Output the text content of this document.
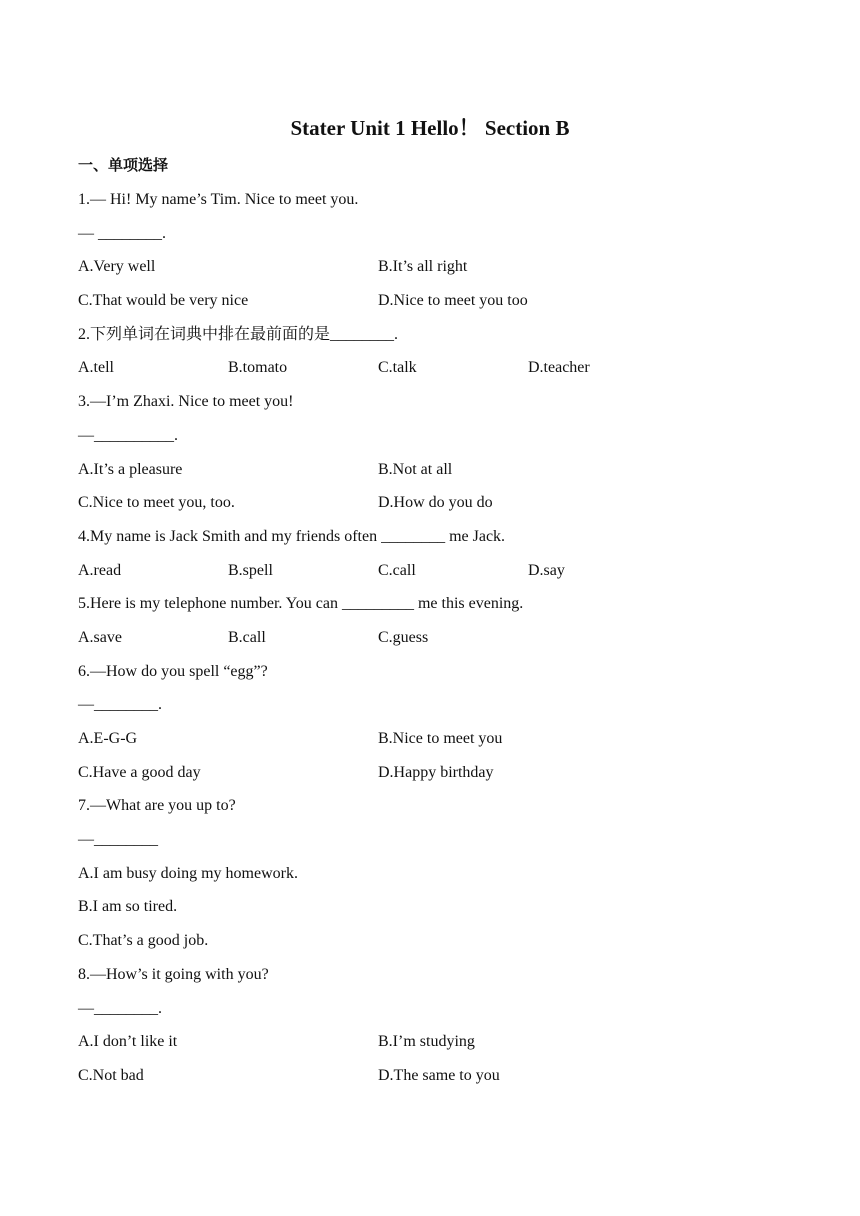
Stater Unit 1 Hello！ Section B
一、单项选择
1.— Hi! My name’s Tim. Nice to meet you.
— ________.
A.Very well	B.It’s all right
C.That would be very nice	D.Nice to meet you too
2.下列单词在词典中排在最前面的是________.
A.tell	B.tomato	C.talk	D.teacher
3.—I’m Zhaxi. Nice to meet you!
—__________.
A.It’s a pleasure	B.Not at all
C.Nice to meet you, too.	D.How do you do
4.My name is Jack Smith and my friends often ________ me Jack.
A.read	B.spell	C.call	D.say
5.Here is my telephone number. You can _________ me this evening.
A.save	B.call	C.guess
6.—How do you spell “egg”?
—________.
A.E-G-G	B.Nice to meet you
C.Have a good day	D.Happy birthday
7.—What are you up to?
—________
A.I am busy doing my homework.
B.I am so tired.
C.That’s a good job.
8.—How’s it going with you?
—________.
A.I don’t like it	B.I’m studying
C.Not bad	D.The same to you
